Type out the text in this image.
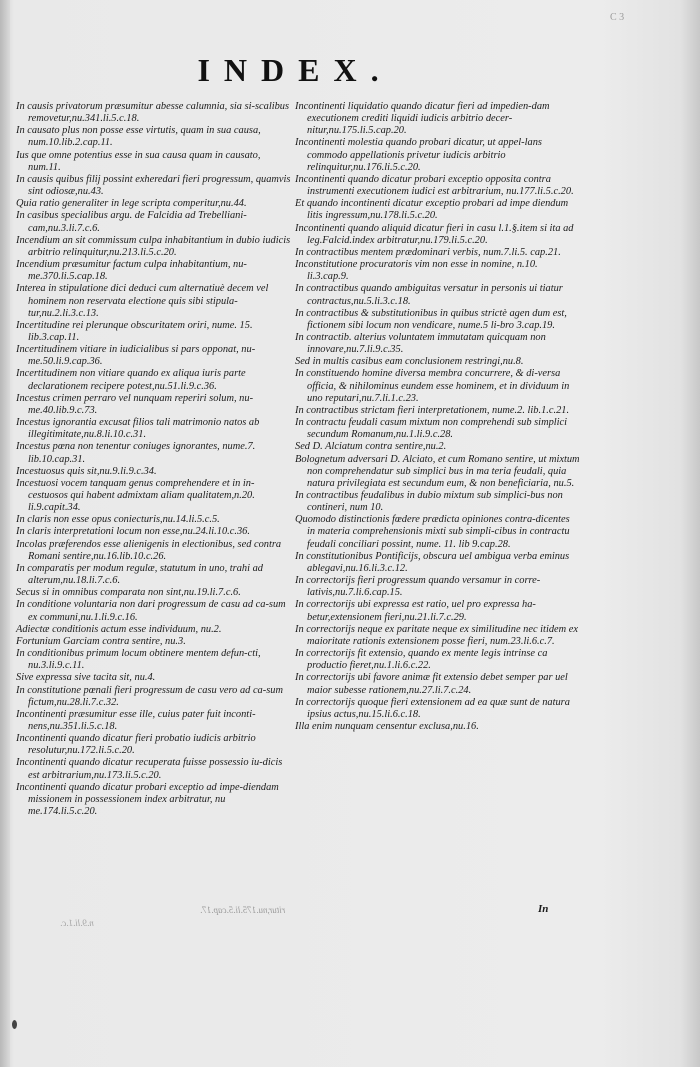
C 3
INDEX.

In causis privatorum præsumitur abesse calumnia, sia si-scalibus removetur,nu.341.li.5.c.18.

In causato plus non posse esse virtutis, quam in sua causa, num.10.lib.2.cap.11.

Ius que omne potentius esse in sua causa quam in causato, num.11.

In causis quibus filij possint exheredari fieri progressum, quamvis sint odiosæ,nu.43.

Quia ratio generaliter in lege scripta comperitur,nu.44.

In casibus specialibus argu. de Falcidia ad Trebelliani-cam,nu.3.li.7.c.6.

Incendium an sit commissum culpa inhabitantium in dubio iudicis arbitrio relinquitur,nu.213.li.5.c.20.

Incendium præsumitur factum culpa inhabitantium, nu-me.370.li.5.cap.18.

Interea in stipulatione dici deduci cum alternatiuè decem vel hominem non reservata electione quis sibi stipula-tur,nu.2.li.3.c.13.

Incertitudine rei plerunque obscuritatem oriri, nume. 15. lib.3.cap.11.

Incertitudinem vitiare in iudicialibus si pars opponat, nu-me.50.li.9.cap.36.

Incertitudinem non vitiare quando ex aliqua iuris parte declarationem recipere potest,nu.51.li.9.c.36.

Incestus crimen perraro vel nunquam reperiri solum, nu-me.40.lib.9.c.73.

Incestus ignorantia excusat filios tali matrimonio natos ab illegitimitate,nu.8.li.10.c.31.

Incestus pœna non tenentur coniuges ignorantes, nume.7. lib.10.cap.31.

Incestuosus quis sit,nu.9.li.9.c.34.

Incestuosi vocem tanquam genus comprehendere et in in-cestuosos qui habent admixtam aliam qualitatem,n.20. li.9.capit.34.

In claris non esse opus coniecturis,nu.14.li.5.c.5.

In claris interpretationi locum non esse,nu.24.li.10.c.36.

Incolas præferendos esse alienigenis in electionibus, sed contra Romani sentire,nu.16.lib.10.c.26.

In comparatis per modum regulæ, statutum in uno, trahi ad alterum,nu.18.li.7.c.6.

Secus si in omnibus comparata non sint,nu.19.li.7.c.6.

In conditione voluntaria non dari progressum de casu ad ca-sum ex communi,nu.1.li.9.c.16.

Adiectæ conditionis actum esse individuum, nu.2.

Fortunium Garciam contra sentire, nu.3.

In conditionibus primum locum obtinere mentem defun-cti, nu.3.li.9.c.11.

Sive expressa sive tacita sit, nu.4.

In constitutione pœnali fieri progressum de casu vero ad ca-sum fictum,nu.28.li.7.c.32.

Incontinenti præsumitur esse ille, cuius pater fuit inconti-nens,nu.351.li.5.c.18.

Incontinenti quando dicatur fieri probatio iudicis arbitrio resolutur,nu.172.li.5.c.20.

Incontinenti quando dicatur recuperata fuisse possessio iu-dicis est arbitrarium,nu.173.li.5.c.20.

Incontinenti quando dicatur probari exceptio ad impe-diendam missionem in possessionem index arbitratur, nu me.174.li.5.c.20.

Incontinenti liquidatio quando dicatur fieri ad impedien-dam executionem crediti liquidi iudicis arbitrio decer-nitur,nu.175.li.5.cap.20.

Incontinenti molestia quando probari dicatur, ut appel-lans commodo appellationis privetur iudicis arbitrio relinquitur,nu.176.li.5.c.20.

Incontinenti quando dicatur probari exceptio opposita contra instrumenti executionem iudici est arbitrarium, nu.177.li.5.c.20.

Et quando incontinenti dicatur exceptio probari ad impe diendum litis ingressum,nu.178.li.5.c.20.

Incontinenti quando aliquid dicatur fieri in casu l.1.§.item si ita ad leg.Falcid.index arbitratur,nu.179.li.5.c.20.

In contractibus mentem prædominari verbis, num.7.li.5. cap.21.

Inconstitutione procuratoris vim non esse in nomine, n.10. li.3.cap.9.

In contractibus quando ambiguitas versatur in personis ui tiatur contractus,nu.5.li.3.c.18.

In contractibus & substitutionibus in quibus strictè agen dum est, fictionem sibi locum non vendicare, nume.5 li-bro 3.cap.19.

In contractib. alterius voluntatem immutatam quicquam non innovare,nu.7.li.9.c.35.

Sed in multis casibus eam conclusionem restringi,nu.8.

In constituendo homine diversa membra concurrere, & di-versa officia, & nihilominus eundem esse hominem, et in dividuum in uno reputari,nu.7.li.1.c.23.

In contractibus strictam fieri interpretationem, nume.2. lib.1.c.21.

In contractu feudali casum mixtum non comprehendi sub simplici secundum Romanum,nu.1.li.9.c.28.

Sed D. Alciatum contra sentire,nu.2.

Bolognetum adversari D. Alciato, et cum Romano sentire, ut mixtum non comprehendatur sub simplici bus in ma teria feudali, quia natura privilegiata est secundum eum, & non beneficiaria, nu.5.

In contractibus feudalibus in dubio mixtum sub simplici-bus non contineri, num 10.

Quomodo distinctionis fœdere prædicta opiniones contra-dicentes in materia comprehensionis mixti sub simpli-cibus in contractu feudali conciliari possint, nume. 11. lib 9.cap.28.

In constitutionibus Pontificijs, obscura uel ambigua verba eminus ablegavi,nu.16.li.3.c.12.

In correctorijs fieri progressum quando versamur in corre-lativis,nu.7.li.6.cap.15.

In correctorijs ubi expressa est ratio, uel pro expressa ha-betur,extensionem fieri,nu.21.li.7.c.29.

In correctorijs neque ex paritate neque ex similitudine nec itidem ex maioritate rationis extensionem posse fieri, num.23.li.6.c.7.

In correctorijs fit extensio, quando ex mente legis intrinse ca productio fieret,nu.1.li.6.c.22.

In correctorijs ubi favore animæ fit extensio debet semper par uel maior subesse rationem,nu.27.li.7.c.24.

In correctorijs quoque fieri extensionem ad ea quæ sunt de natura ipsius actus,nu.15.li.6.c.18.

Illa enim nunquam censentur exclusa,nu.16.

ritur,nu.175.li.5.cap.17.
n.9.li.1.c.
In
